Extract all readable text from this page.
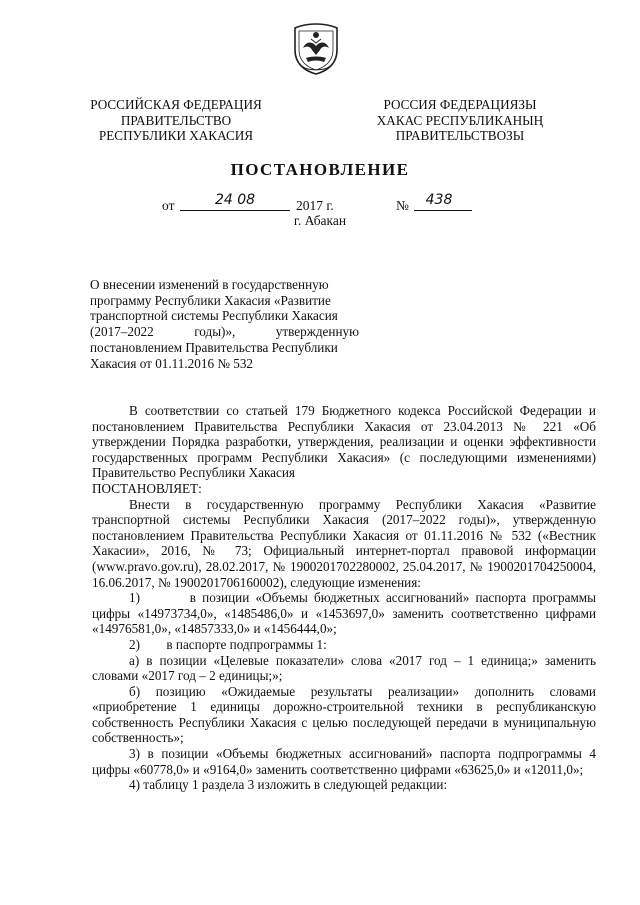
РОССИЙСКАЯ ФЕДЕРАЦИЯ
ПРАВИТЕЛЬСТВО
РЕСПУБЛИКИ ХАКАСИЯ
РОССИЯ ФЕДЕРАЦИЯЗЫ
ХАКАС РЕСПУБЛИКАНЫҢ
ПРАВИТЕЛЬСТВОЗЫ
ПОСТАНОВЛЕНИЕ
от	24 08	2017 г.	№	438
г. Абакан
О внесении изменений в государственную
программу Республики Хакасия «Развитие
транспортной системы Республики Хакасия
(2017–2022	годы)»,	утвержденную
постановлением Правительства Республики
Хакасия от 01.11.2016 № 532

В соответствии со статьей 179 Бюджетного кодекса Российской Федерации и постановлением Правительства Республики Хакасия от 23.04.2013 № 221 «Об утверждении Порядка разработки, утверждения, реализации и оценки эффективности государственных программ Республики Хакасия» (с последующими изменениями) Правительство Республики Хакасия

ПОСТАНОВЛЯЕТ:

Внести в государственную программу Республики Хакасия «Развитие транспортной системы Республики Хакасия (2017–2022 годы)», утвержденную постановлением Правительства Республики Хакасия от 01.11.2016 № 532 («Вестник Хакасии», 2016, № 73; Официальный интернет-портал правовой информации (www.pravo.gov.ru), 28.02.2017, № 1900201702280002, 25.04.2017, № 1900201704250004, 16.06.2017, № 1900201706160002), следующие изменения:

1)        в позиции «Объемы бюджетных ассигнований» паспорта программы цифры «14973734,0», «1485486,0» и «1453697,0» заменить соответственно цифрами «14976581,0», «14857333,0» и «1456444,0»;

2)        в паспорте подпрограммы 1:

а) в позиции «Целевые показатели» слова «2017 год – 1 единица;» заменить словами «2017 год – 2 единицы;»;

б) позицию «Ожидаемые результаты реализации» дополнить словами «приобретение 1 единицы дорожно-строительной техники в республиканскую собственность Республики Хакасия с целью последующей передачи в муниципальную собственность»;

3) в позиции «Объемы бюджетных ассигнований» паспорта подпрограммы 4 цифры «60778,0» и «9164,0» заменить соответственно цифрами «63625,0» и «12011,0»;

4) таблицу 1 раздела 3 изложить в следующей редакции:
